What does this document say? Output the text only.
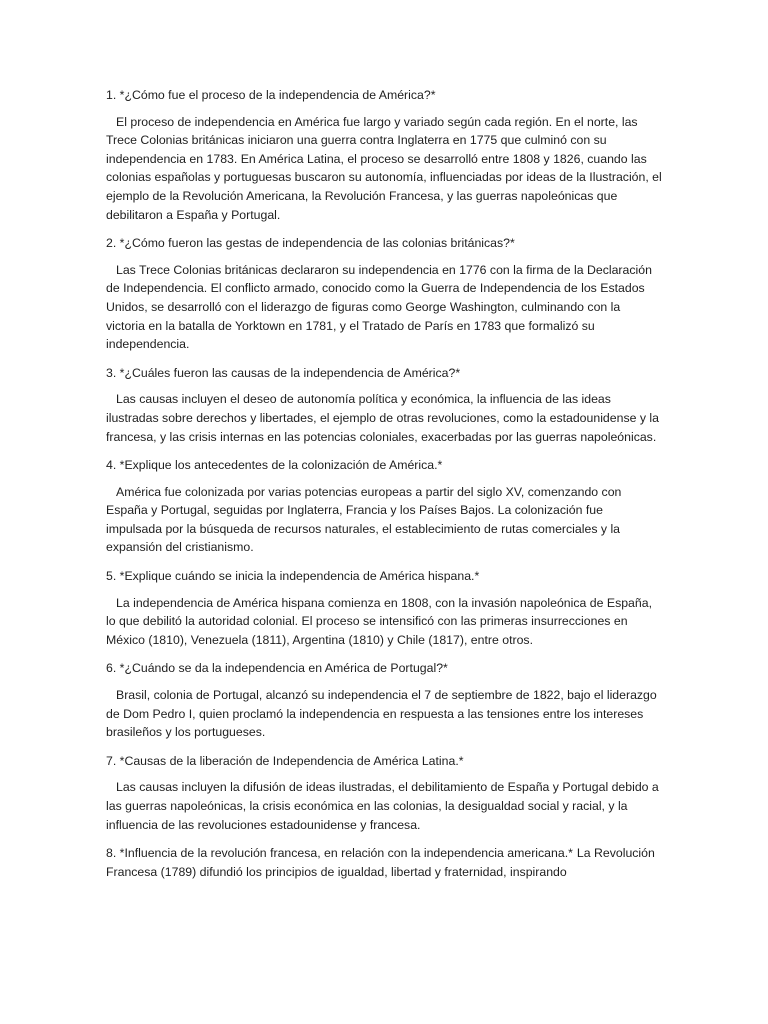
1. *¿Cómo fue el proceso de la independencia de América?*

El proceso de independencia en América fue largo y variado según cada región. En el norte, las Trece Colonias británicas iniciaron una guerra contra Inglaterra en 1775 que culminó con su independencia en 1783. En América Latina, el proceso se desarrolló entre 1808 y 1826, cuando las colonias españolas y portuguesas buscaron su autonomía, influenciadas por ideas de la Ilustración, el ejemplo de la Revolución Americana, la Revolución Francesa, y las guerras napoleónicas que debilitaron a España y Portugal.

2. *¿Cómo fueron las gestas de independencia de las colonias británicas?*

Las Trece Colonias británicas declararon su independencia en 1776 con la firma de la Declaración de Independencia. El conflicto armado, conocido como la Guerra de Independencia de los Estados Unidos, se desarrolló con el liderazgo de figuras como George Washington, culminando con la victoria en la batalla de Yorktown en 1781, y el Tratado de París en 1783 que formalizó su independencia.

3. *¿Cuáles fueron las causas de la independencia de América?*

Las causas incluyen el deseo de autonomía política y económica, la influencia de las ideas ilustradas sobre derechos y libertades, el ejemplo de otras revoluciones, como la estadounidense y la francesa, y las crisis internas en las potencias coloniales, exacerbadas por las guerras napoleónicas.

4. *Explique los antecedentes de la colonización de América.*

América fue colonizada por varias potencias europeas a partir del siglo XV, comenzando con España y Portugal, seguidas por Inglaterra, Francia y los Países Bajos. La colonización fue impulsada por la búsqueda de recursos naturales, el establecimiento de rutas comerciales y la expansión del cristianismo.

5. *Explique cuándo se inicia la independencia de América hispana.*

La independencia de América hispana comienza en 1808, con la invasión napoleónica de España, lo que debilitó la autoridad colonial. El proceso se intensificó con las primeras insurrecciones en México (1810), Venezuela (1811), Argentina (1810) y Chile (1817), entre otros.

6. *¿Cuándo se da la independencia en América de Portugal?*

Brasil, colonia de Portugal, alcanzó su independencia el 7 de septiembre de 1822, bajo el liderazgo de Dom Pedro I, quien proclamó la independencia en respuesta a las tensiones entre los intereses brasileños y los portugueses.

7. *Causas de la liberación de Independencia de América Latina.*

Las causas incluyen la difusión de ideas ilustradas, el debilitamiento de España y Portugal debido a las guerras napoleónicas, la crisis económica en las colonias, la desigualdad social y racial, y la influencia de las revoluciones estadounidense y francesa.

8. *Influencia de la revolución francesa, en relación con la independencia americana.* La Revolución Francesa (1789) difundió los principios de igualdad, libertad y fraternidad, inspirando
